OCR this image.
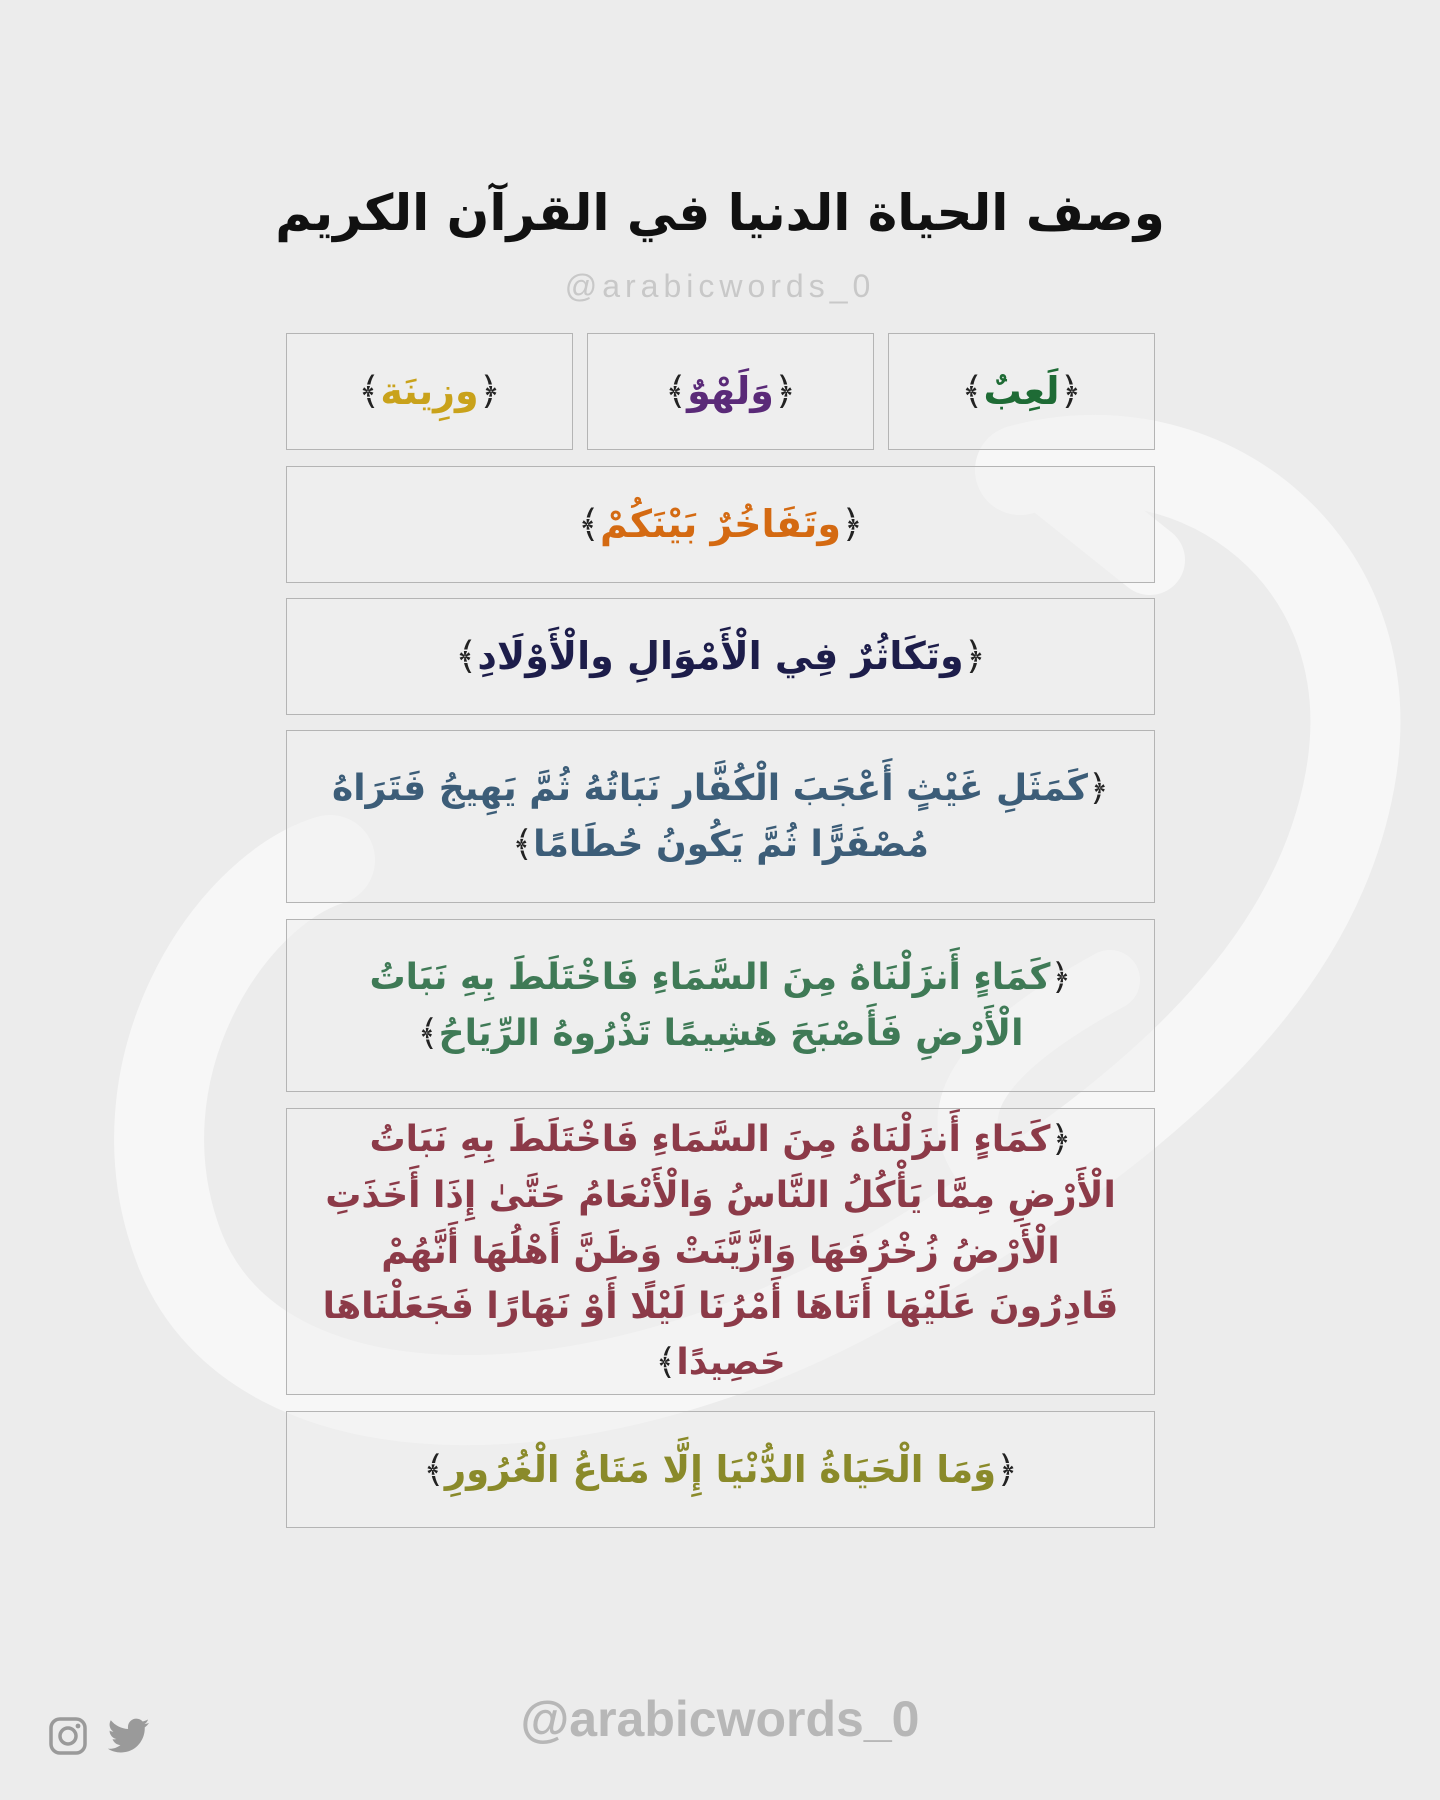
وصف الحياة الدنيا في القرآن الكريم
@arabicwords_0
﴿لَعِبٌ﴾
﴿وَلَهْوٌ﴾
﴿وزِينَة﴾
﴿وتَفَاخُرٌ بَيْنَكُمْ﴾
﴿وتَكَاثُرٌ فِي الْأَمْوَالِ والْأَوْلَادِ﴾
﴿كَمَثَلِ غَيْثٍ أَعْجَبَ الْكُفَّار نَبَاتُهُ ثُمَّ يَهِيجُ فَتَرَاهُ مُصْفَرًّا ثُمَّ يَكُونُ حُطَامًا﴾
﴿كَمَاءٍ أَنزَلْنَاهُ مِنَ السَّمَاءِ فَاخْتَلَطَ بِهِ نَبَاتُ الْأَرْضِ فَأَصْبَحَ هَشِيمًا تَذْرُوهُ الرِّيَاحُ﴾
﴿كَمَاءٍ أَنزَلْنَاهُ مِنَ السَّمَاءِ فَاخْتَلَطَ بِهِ نَبَاتُ الْأَرْضِ مِمَّا يَأْكُلُ النَّاسُ وَالْأَنْعَامُ حَتَّىٰ إِذَا أَخَذَتِ الْأَرْضُ زُخْرُفَهَا وَازَّيَّنَتْ وَظَنَّ أَهْلُهَا أَنَّهُمْ قَادِرُونَ عَلَيْهَا أَتَاهَا أَمْرُنَا لَيْلًا أَوْ نَهَارًا فَجَعَلْنَاهَا حَصِيدًا﴾
﴿وَمَا الْحَيَاةُ الدُّنْيَا إِلَّا مَتَاعُ الْغُرُورِ﴾
@arabicwords_0
